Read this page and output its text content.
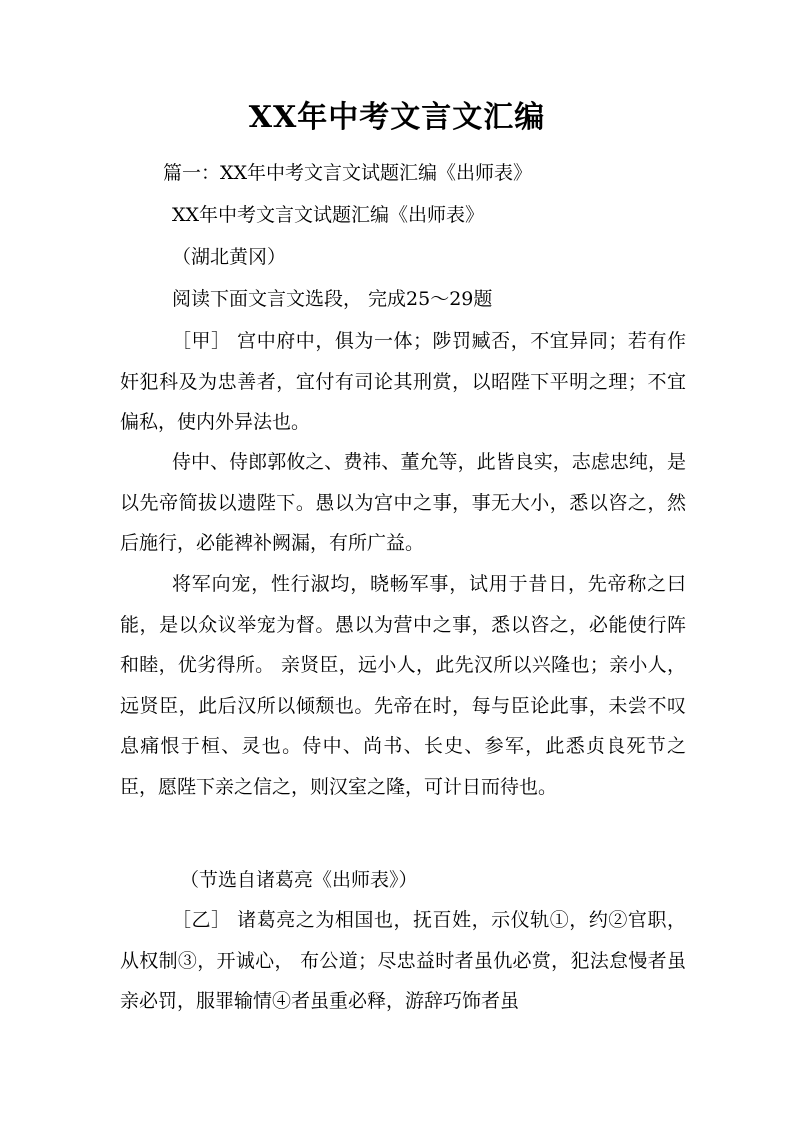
XX年中考文言文汇编
篇一：XX年中考文言文试题汇编《出师表》
XX年中考文言文试题汇编《出师表》
（湖北黄冈）
阅读下面文言文选段， 完成25～29题

［甲］ 宫中府中，俱为一体；陟罚臧否，不宜异同；若有作奸犯科及为忠善者，宜付有司论其刑赏，以昭陛下平明之理；不宜偏私，使内外异法也。

侍中、侍郎郭攸之、费祎、董允等，此皆良实，志虑忠纯，是以先帝简拔以遗陛下。愚以为宫中之事，事无大小，悉以咨之，然后施行，必能裨补阙漏，有所广益。

将军向宠，性行淑均，晓畅军事，试用于昔日，先帝称之曰能，是以众议举宠为督。愚以为营中之事，悉以咨之，必能使行阵和睦，优劣得所。 亲贤臣，远小人，此先汉所以兴隆也；亲小人，远贤臣，此后汉所以倾颓也。先帝在时，每与臣论此事，未尝不叹息痛恨于桓、灵也。侍中、尚书、长史、参军，此悉贞良死节之臣，愿陛下亲之信之，则汉室之隆，可计日而待也。

（节选自诸葛亮《出师表》）

［乙］ 诸葛亮之为相国也，抚百姓，示仪轨①，约②官职，从权制③，开诚心， 布公道；尽忠益时者虽仇必赏，犯法怠慢者虽亲必罚，服罪输情④者虽重必释，游辞巧饰者虽
